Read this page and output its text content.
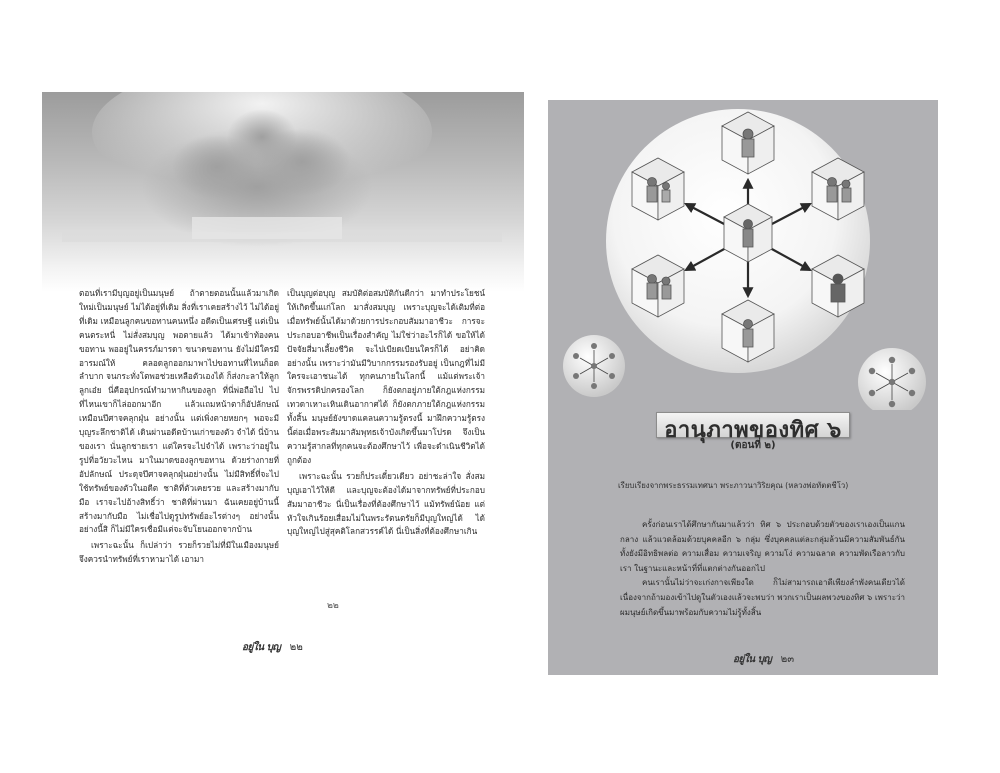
ตอนที่เรามีบุญอยู่เป็นมนุษย์ ถ้าตายตอนนั้นแล้วมาเกิดใหม่เป็นมนุษย์ ไม่ได้อยู่ที่เดิม สิ่งที่เราเคยสร้างไว้ ไม่ได้อยู่ที่เดิม เหมือนลูกคนขอทานคนหนึ่ง อดีตเป็นเศรษฐี แต่เป็นคนตระหนี่ ไม่สั่งสมบุญ พอตายแล้ว ได้มาเข้าท้องคนขอทาน พออยู่ในครรภ์มารดา ขนาดขอทาน ยังไม่มีใครมีอารมณ์ให้ คลอดลูกออกมาพาไปขอทานที่ไหนก็อด ลำบาก จนกระทั่งโตพอช่วยเหลือตัวเองได้ ก็ส่งกะลาให้ลูก ลูกเอ๋ย นี่คืออุปกรณ์ทำมาหากินของลูก ที่นี่พ่อถือไป ไปที่ไหนเขาก็ไล่ออกมาอีก แล้วแถมหน้าตาก็อัปลักษณ์เหมือนปีศาจคลุกฝุ่น อย่างนั้น แต่เพิ่งตายหยกๆ พอจะมีบุญระลึกชาติได้ เดินผ่านอดีตบ้านเก่าของตัว จำได้ นี่บ้านของเรา นั่นลูกชายเรา แต่ใครจะไปจำได้ เพราะว่าอยู่ในรูปที่อวัยวะไหน มาในมาดของลูกขอทาน ด้วยร่างกายที่อัปลักษณ์ ประดุจปีศาจคลุกฝุ่นอย่างนั้น ไม่มีสิทธิ์ที่จะไปใช้ทรัพย์ของตัวในอดีต ชาติที่ตัวเคยรวย และสร้างมากับมือ เราจะไปอ้างสิทธิ์ว่า ชาติที่ผ่านมา ฉันเคยอยู่บ้านนี้ สร้างมากับมือ ไม่เชื่อไปดูรูปทรัพย์อะไรต่างๆ อย่างนั้นอย่างนี้สิ ก็ไม่มีใครเชื่อมีแต่จะจับโยนออกจากบ้าน

เพราะฉะนั้น ก็เปล่าว่า รวยก็รวยไม่ที่มีในเมืองมนุษย์ จึงควรนำทรัพย์ที่เราหามาได้ เอามา

เป็นบุญต่อบุญ สมบัติต่อสมบัติกันดีกว่า มาทำประโยชน์ให้เกิดขึ้นแก่โลก มาสั่งสมบุญ เพราะบุญจะได้เติมที่ต่อเมื่อทรัพย์นั้นได้มาด้วยการประกอบสัมมาอาชีวะ การจะประกอบอาชีพเป็นเรื่องสำคัญ ไม่ใช่ว่าอะไรก็ได้ ขอให้ได้ปัจจัยสี่มาเลี้ยงชีวิต จะไปเบียดเบียนใครก็ได้ อย่าคิดอย่างนั้น เพราะว่ามันมีวิบากกรรมรองรับอยู่ เป็นกฎที่ไม่มีใครจะเอาชนะได้ ทุกคนภายในโลกนี้ แม้แต่พระเจ้าจักรพรรดิปกครองโลก ก็ยังตกอยู่ภายใต้กฎแห่งกรรม เทวดาเหาะเหินเดินอากาศได้ ก็ยังตกภายใต้กฎแห่งกรรมทั้งสิ้น มนุษย์ยังขาดแคลนความรู้ตรงนี้ มาฝึกความรู้ตรงนี้ต่อเมื่อพระสัมมาสัมพุทธเจ้าบังเกิดขึ้นมาโปรด จึงเป็นความรู้สากลที่ทุกคนจะต้องศึกษาไว้ เพื่อจะดำเนินชีวิตได้ถูกต้อง

เพราะฉะนั้น รวยก็ประเดี๋ยวเดียว อย่าชะล่าใจ สั่งสมบุญเอาไว้ให้ดี และบุญจะต้องได้มาจากทรัพย์ที่ประกอบสัมมาอาชีวะ นี่เป็นเรื่องที่ต้องศึกษาไว้ แม้ทรัพย์น้อย แต่หัวใจเกินร้อยเสื่อมไม่ในพระรัตนตรัยก็มีบุญใหญ่ได้ ได้บุญใหญ่ไปสู่สุคติโลกสวรรค์ได้ นี่เป็นสิ่งที่ต้องศึกษาเกิน

๒๒
อยู่ใน บุญ ๒๒
อานุภาพของทิศ ๖
(ตอนที่ ๒)
เรียบเรียงจากพระธรรมเทศนา พระภาวนาวิริยคุณ (หลวงพ่อทัตตชีโว)

ครั้งก่อนเราได้ศึกษากันมาแล้วว่า ทิศ ๖ ประกอบด้วยตัวของเราเองเป็นแกนกลาง แล้วแวดล้อมด้วยบุคคลอีก ๖ กลุ่ม ซึ่งบุคคลแต่ละกลุ่มล้วนมีความสัมพันธ์กัน ทั้งยังมีอิทธิพลต่อ ความเสื่อม ความเจริญ ความโง่ ความฉลาด ความพัดเรือลาวกับเรา ในฐานะและหน้าที่ที่แตกต่างกันออกไป

คนเรานั้นไม่ว่าจะเก่งกาจเพียงใด ก็ไม่สามารถเอาดีเพียงลำพังคนเดียวได้ เนื่องจากถ้ามองเข้าไปดูในตัวเองแล้วจะพบว่า พวกเราเป็นผลพวงของทิศ ๖ เพราะว่าผมนุษย์เกิดขึ้นมาพร้อมกับความไม่รู้ทั้งสิ้น

อยู่ใน บุญ ๒๓
